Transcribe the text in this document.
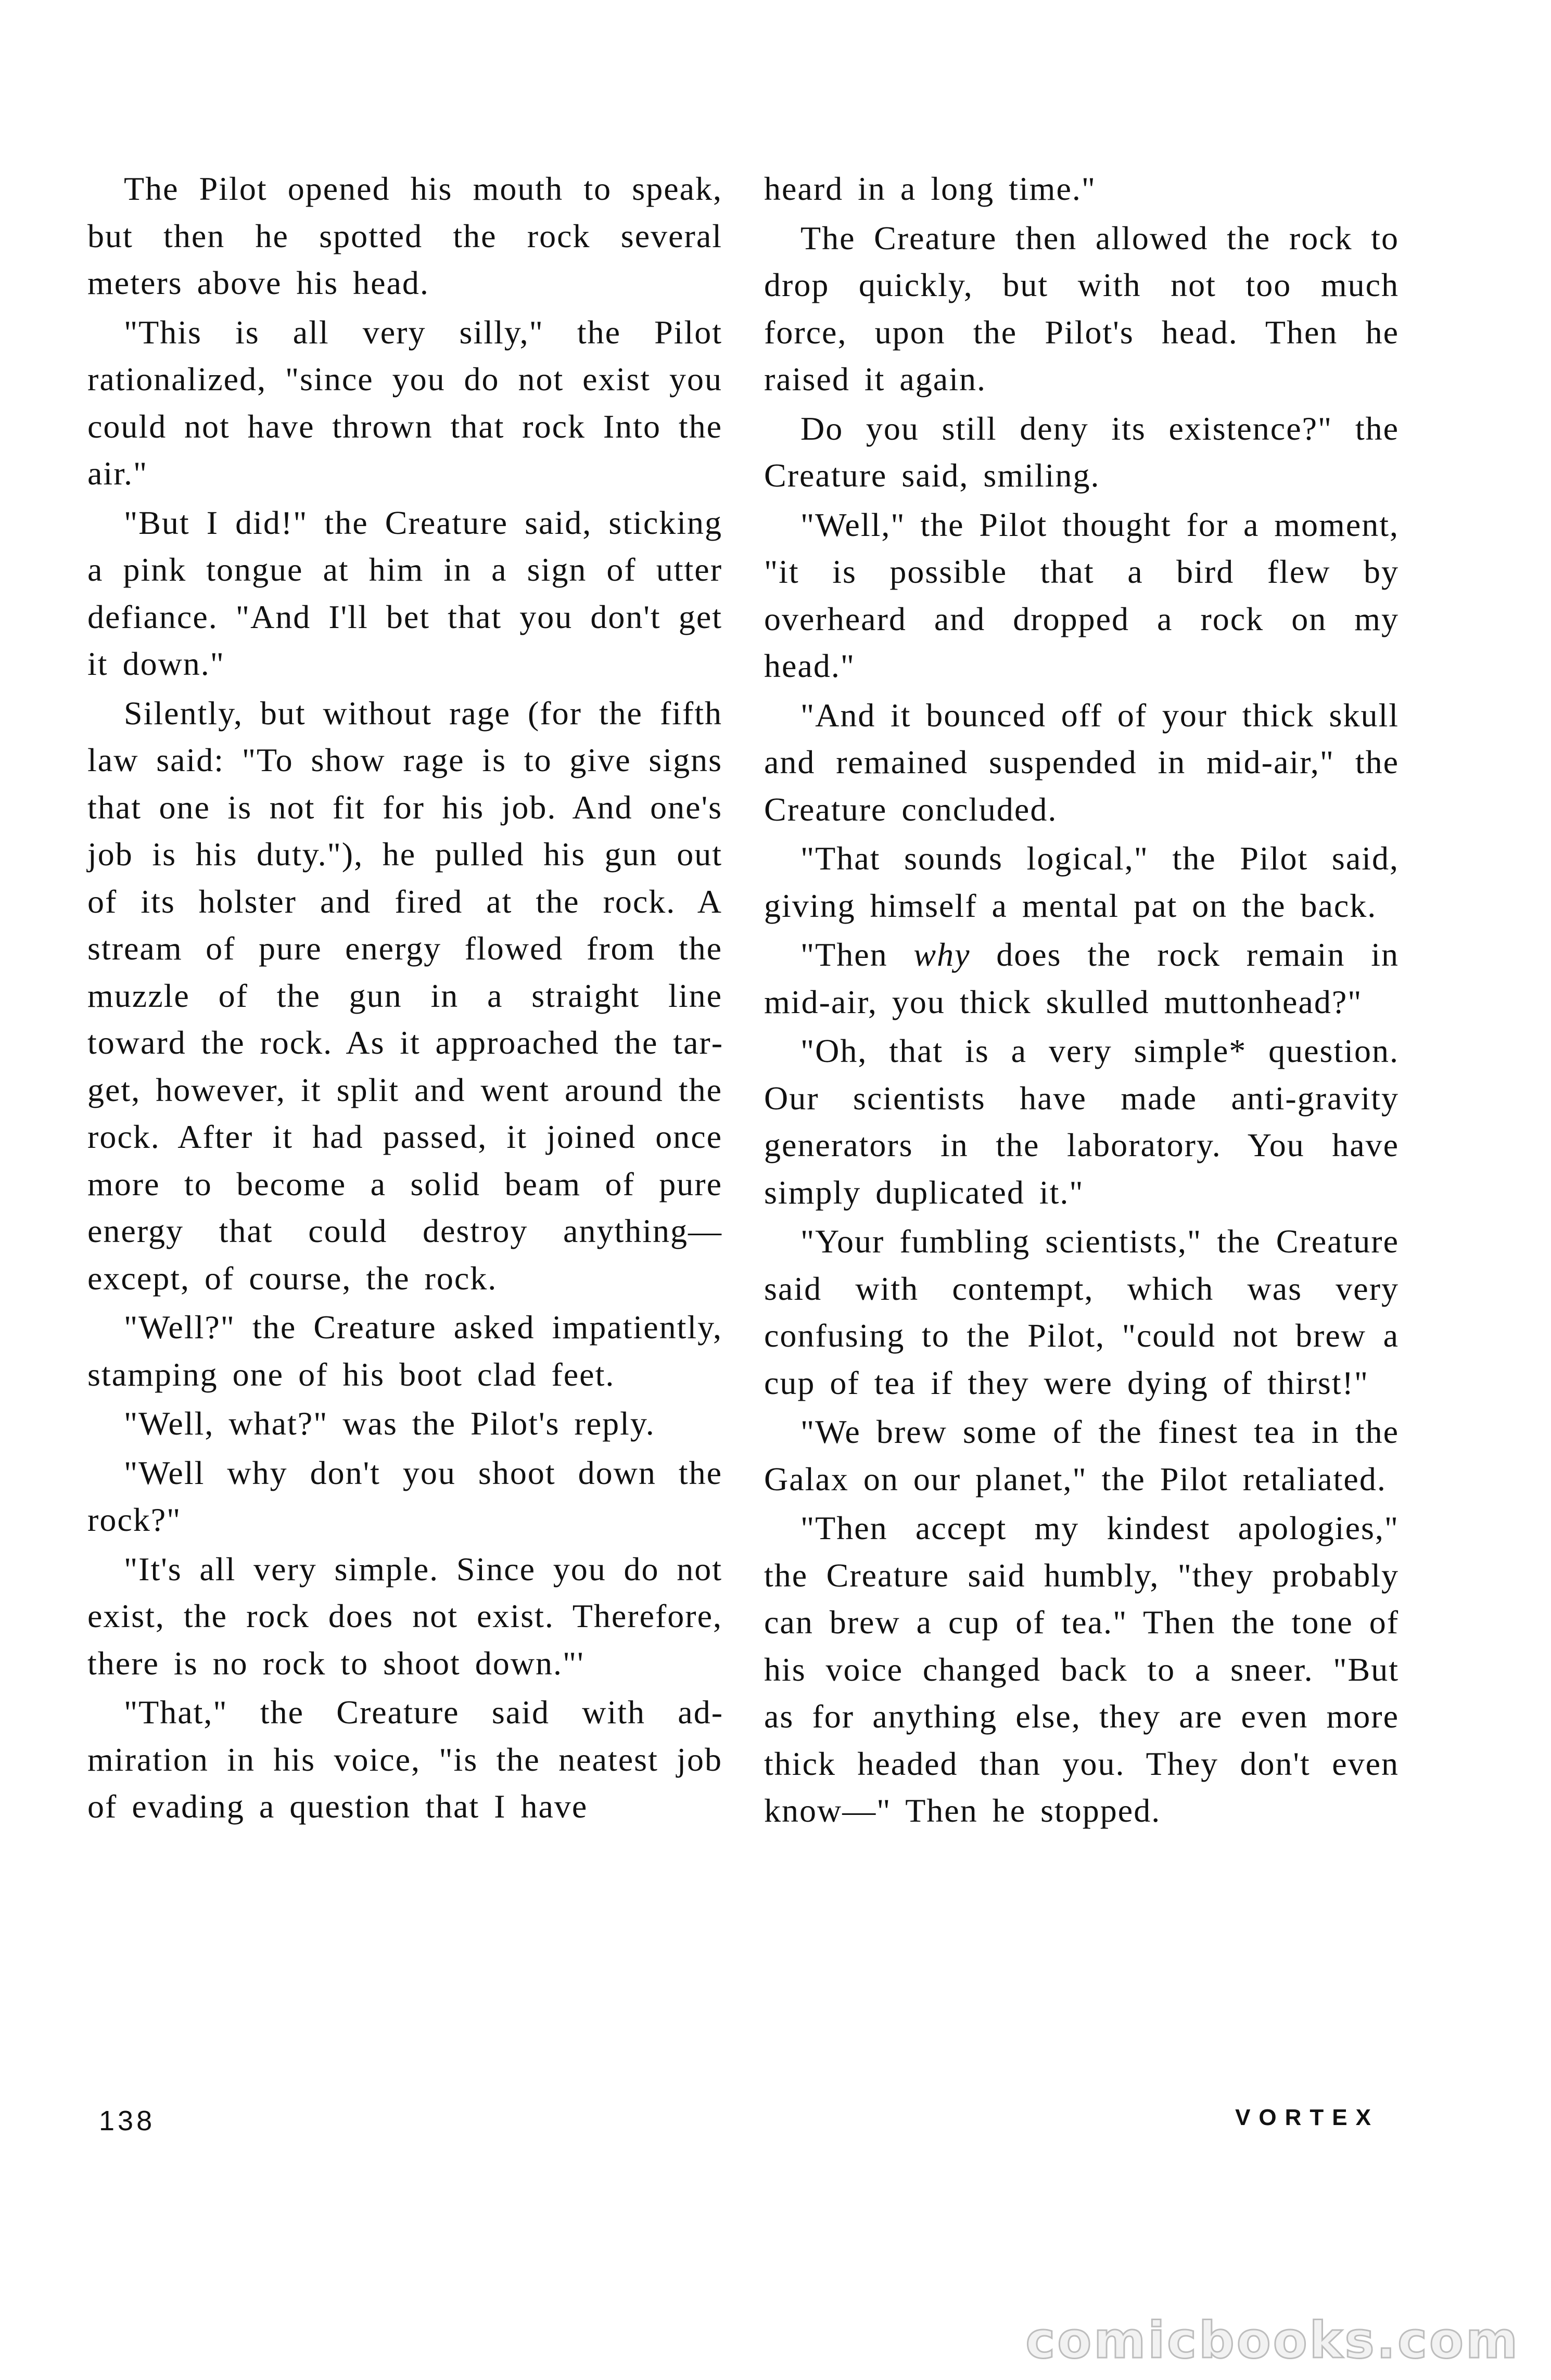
The Pilot opened his mouth to speak, but then he spotted the rock several meters above his head.

"This is all very silly," the Pilot rationalized, "since you do not exist you could not have thrown that rock Into the air."

"But I did!" the Creature said, sticking a pink tongue at him in a sign of utter defiance. "And I'll bet that you don't get it down."

Silently, but without rage (for the fifth law said: "To show rage is to give signs that one is not fit for his job. And one's job is his duty."), he pulled his gun out of its holster and fired at the rock. A stream of pure energy flowed from the muzzle of the gun in a straight line toward the rock. As it approached the target, however, it split and went around the rock. After it had passed, it joined once more to become a solid beam of pure energy that could destroy anything—except, of course, the rock.

"Well?" the Creature asked impatiently, stamping one of his boot clad feet.

"Well, what?" was the Pilot's reply.

"Well why don't you shoot down the rock?"

"It's all very simple. Since you do not exist, the rock does not exist. Therefore, there is no rock to shoot down."'

"That," the Creature said with admiration in his voice, "is the neatest job of evading a question that I have

heard in a long time."

The Creature then allowed the rock to drop quickly, but with not too much force, upon the Pilot's head. Then he raised it again.

Do you still deny its existence?" the Creature said, smiling.

"Well," the Pilot thought for a moment, "it is possible that a bird flew by overheard and dropped a rock on my head."

"And it bounced off of your thick skull and remained suspended in mid-air," the Creature concluded.

"That sounds logical," the Pilot said, giving himself a mental pat on the back.

"Then why does the rock remain in mid-air, you thick skulled muttonhead?"

"Oh, that is a very simple* question. Our scientists have made anti-gravity generators in the laboratory. You have simply duplicated it."

"Your fumbling scientists," the Creature said with contempt, which was very confusing to the Pilot, "could not brew a cup of tea if they were dying of thirst!"

"We brew some of the finest tea in the Galax on our planet," the Pilot retaliated.

"Then accept my kindest apologies," the Creature said humbly, "they probably can brew a cup of tea." Then the tone of his voice changed back to a sneer. "But as for anything else, they are even more thick headed than you. They don't even know—" Then he stopped.

138	VORTEX
comicbooks.com
